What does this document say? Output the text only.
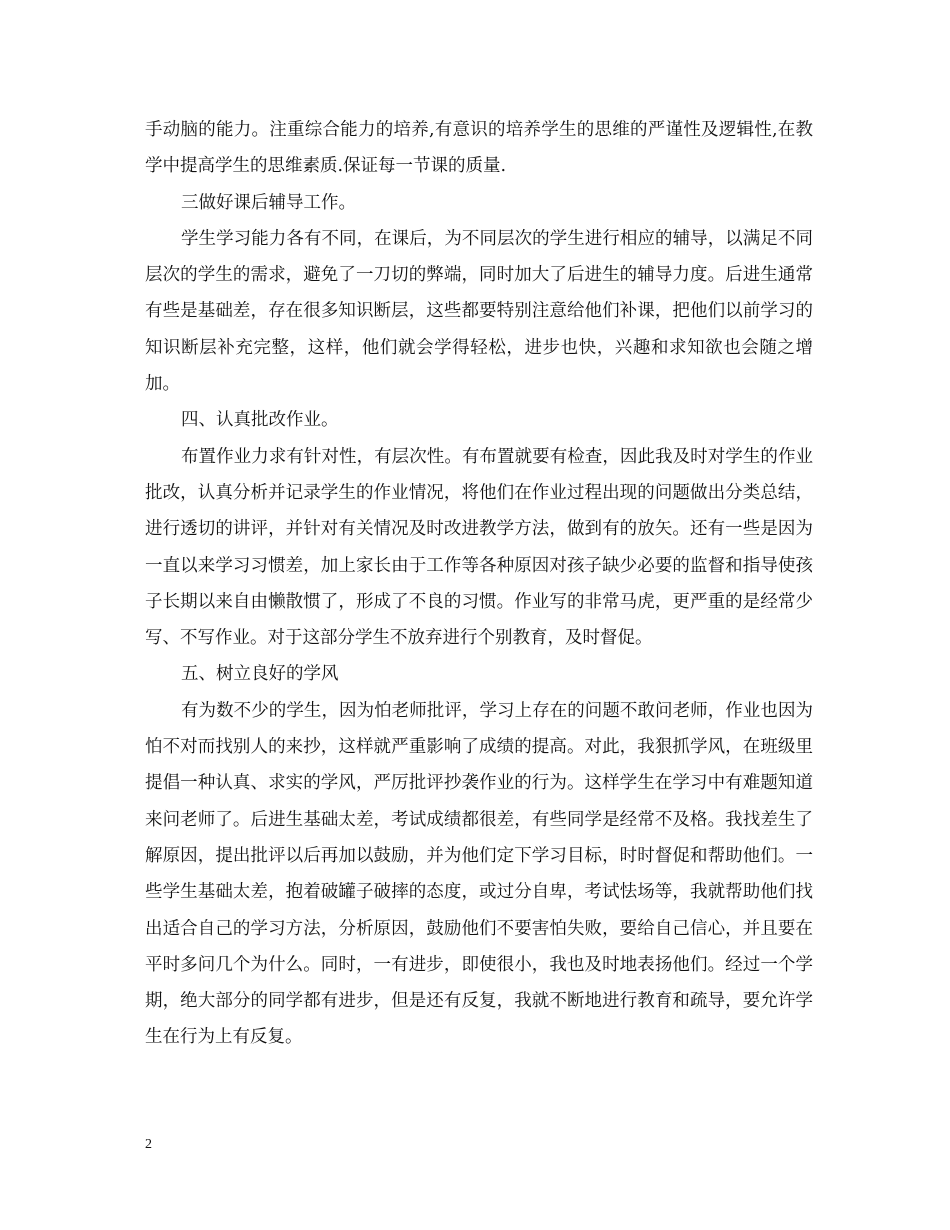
手动脑的能力。注重综合能力的培养,有意识的培养学生的思维的严谨性及逻辑性,在教学中提高学生的思维素质.保证每一节课的质量.

三做好课后辅导工作。

学生学习能力各有不同，在课后，为不同层次的学生进行相应的辅导，以满足不同层次的学生的需求，避免了一刀切的弊端，同时加大了后进生的辅导力度。后进生通常有些是基础差，存在很多知识断层，这些都要特别注意给他们补课，把他们以前学习的知识断层补充完整，这样，他们就会学得轻松，进步也快，兴趣和求知欲也会随之增加。

四、认真批改作业。

布置作业力求有针对性，有层次性。有布置就要有检查，因此我及时对学生的作业批改，认真分析并记录学生的作业情况，将他们在作业过程出现的问题做出分类总结，进行透切的讲评，并针对有关情况及时改进教学方法，做到有的放矢。还有一些是因为一直以来学习习惯差，加上家长由于工作等各种原因对孩子缺少必要的监督和指导使孩子长期以来自由懒散惯了，形成了不良的习惯。作业写的非常马虎，更严重的是经常少写、不写作业。对于这部分学生不放弃进行个别教育，及时督促。

五、树立良好的学风

有为数不少的学生，因为怕老师批评，学习上存在的问题不敢问老师，作业也因为怕不对而找别人的来抄，这样就严重影响了成绩的提高。对此，我狠抓学风，在班级里提倡一种认真、求实的学风，严厉批评抄袭作业的行为。这样学生在学习中有难题知道来问老师了。后进生基础太差，考试成绩都很差，有些同学是经常不及格。我找差生了解原因，提出批评以后再加以鼓励，并为他们定下学习目标，时时督促和帮助他们。一些学生基础太差，抱着破罐子破摔的态度，或过分自卑，考试怯场等，我就帮助他们找出适合自己的学习方法，分析原因，鼓励他们不要害怕失败，要给自己信心，并且要在平时多问几个为什么。同时，一有进步，即使很小，我也及时地表扬他们。经过一个学期，绝大部分的同学都有进步，但是还有反复，我就不断地进行教育和疏导，要允许学生在行为上有反复。

2
